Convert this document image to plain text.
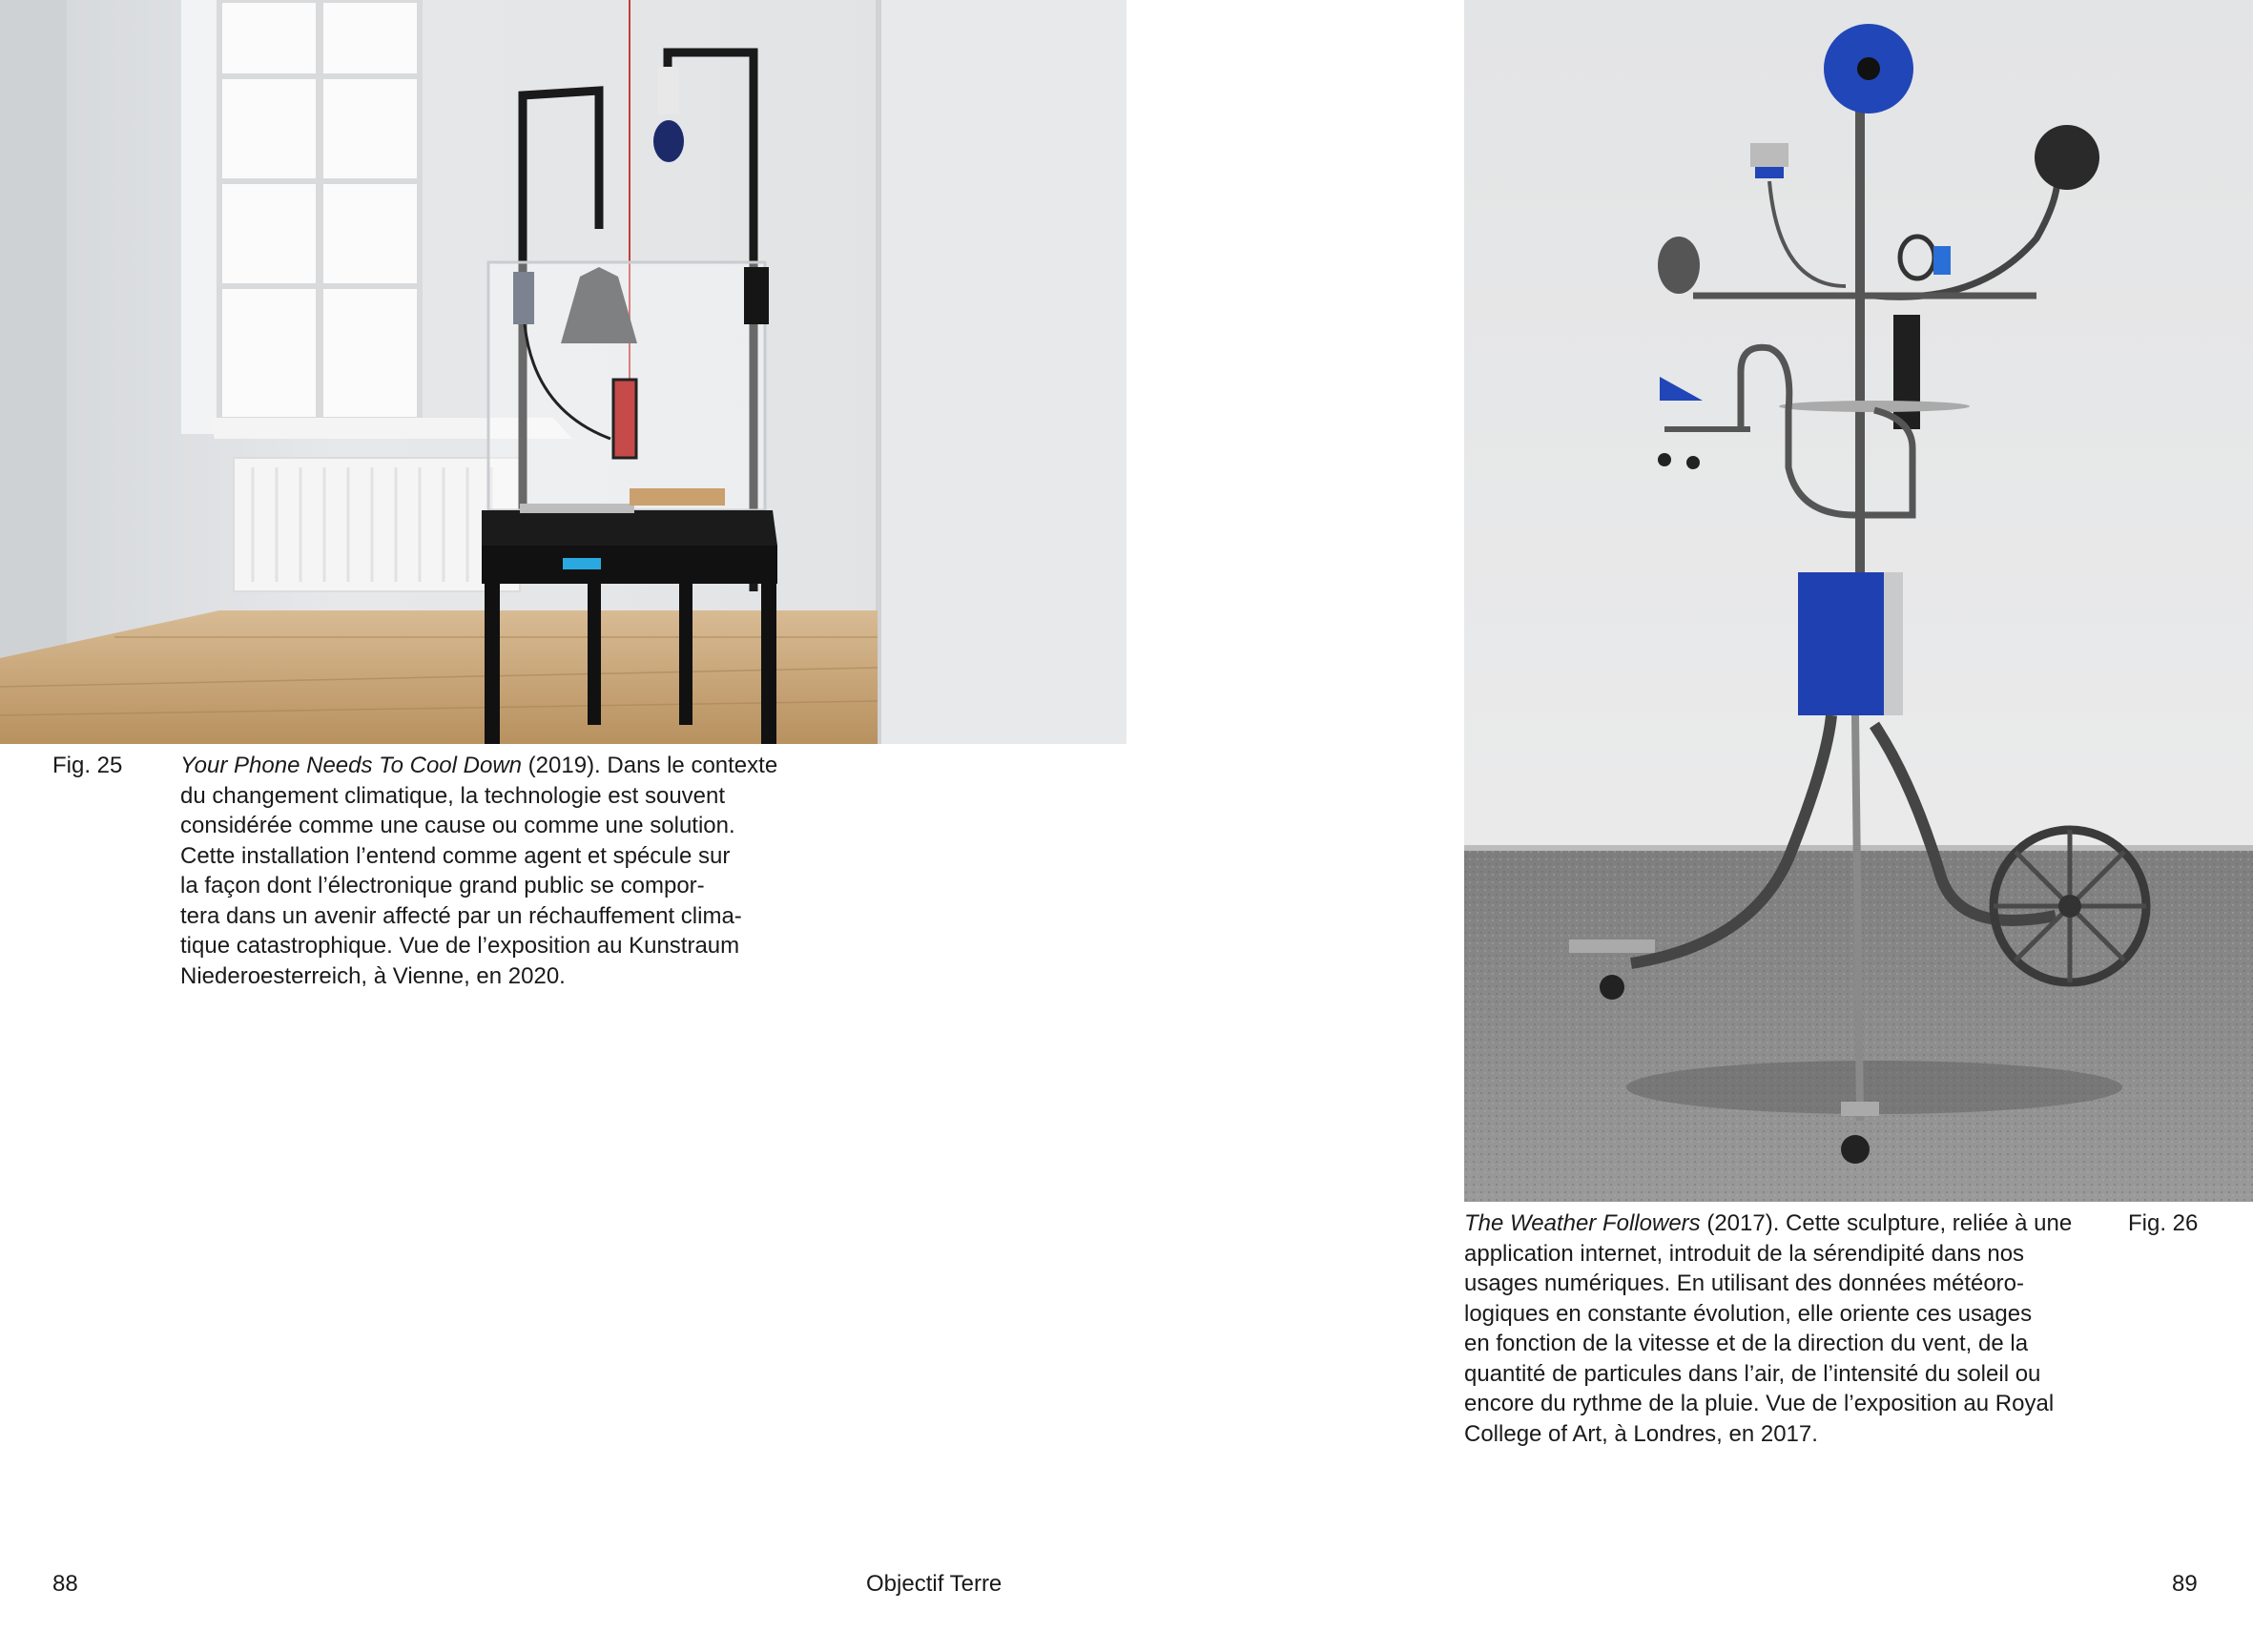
Fig. 25	Your Phone Needs To Cool Down (2019). Dans le contexte
du changement climatique, la technologie est souvent
considérée comme une cause ou comme une solution.
Cette installation l’entend comme agent et spécule sur
la façon dont l’électronique grand public se compor-
tera dans un avenir affecté par un réchauffement clima-
tique catastrophique. Vue de l’exposition au Kunstraum
Niederoesterreich, à Vienne, en 2020.
The Weather Followers (2017). Cette sculpture, reliée à une
application internet, introduit de la sérendipité dans nos
usages numériques. En utilisant des données météoro-
logiques en constante évolution, elle oriente ces usages
en fonction de la vitesse et de la direction du vent, de la
quantité de particules dans l’air, de l’intensité du soleil ou
encore du rythme de la pluie. Vue de l’exposition au Royal
College of Art, à Londres, en 2017.
Fig. 26
88	Objectif Terre	89
